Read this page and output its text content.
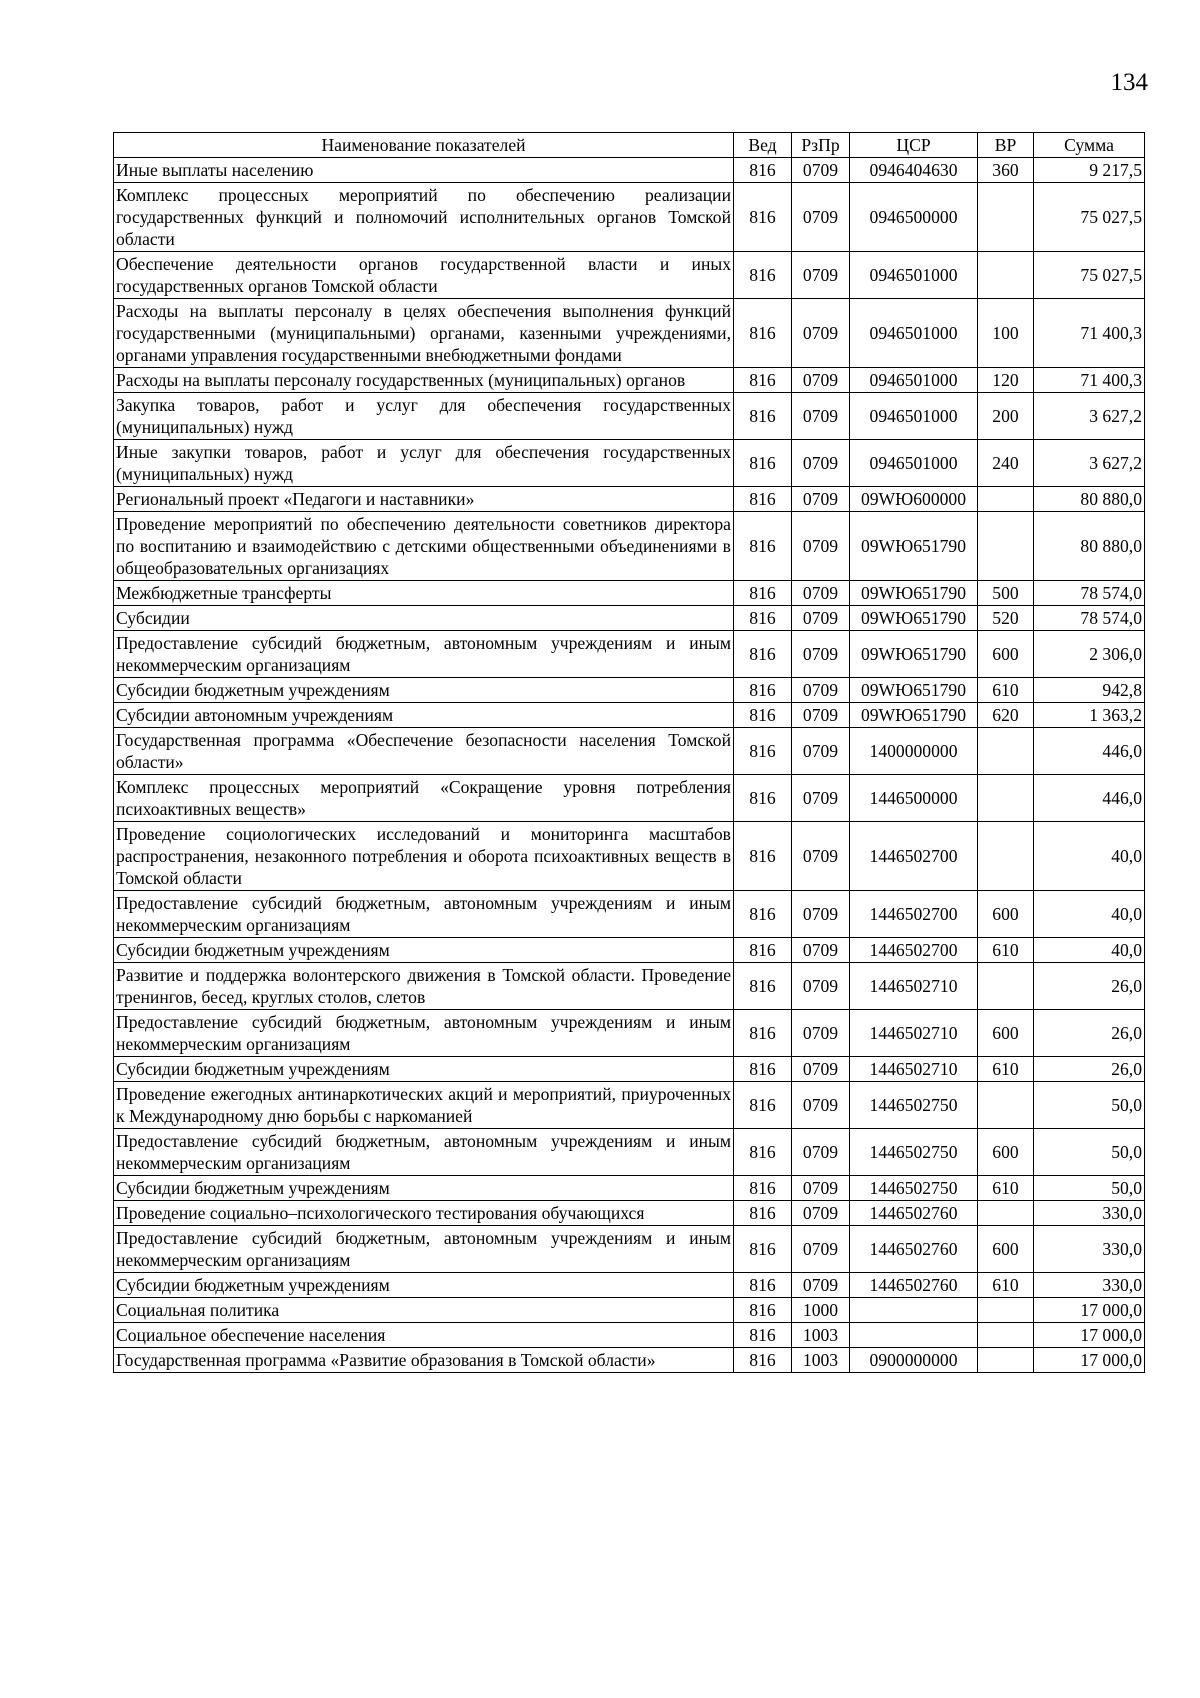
134
Наименование показателей	Вед	РзПр	ЦСР	ВР	Сумма
Иные выплаты населению	816	0709	0946404630	360	9 217,5
Комплекс процессных мероприятий по обеспечению реализации государственных функций и полномочий исполнительных органов Томской области	816	0709	0946500000		75 027,5
Обеспечение деятельности органов государственной власти и иных государственных органов Томской области	816	0709	0946501000		75 027,5
Расходы на выплаты персоналу в целях обеспечения выполнения функций государственными (муниципальными) органами, казенными учреждениями, органами управления государственными внебюджетными фондами	816	0709	0946501000	100	71 400,3
Расходы на выплаты персоналу государственных (муниципальных) органов	816	0709	0946501000	120	71 400,3
Закупка товаров, работ и услуг для обеспечения государственных (муниципальных) нужд	816	0709	0946501000	200	3 627,2
Иные закупки товаров, работ и услуг для обеспечения государственных (муниципальных) нужд	816	0709	0946501000	240	3 627,2
Региональный проект «Педагоги и наставники»	816	0709	09WЮ600000		80 880,0
Проведение мероприятий по обеспечению деятельности советников директора по воспитанию и взаимодействию с детскими общественными объединениями в общеобразовательных организациях	816	0709	09WЮ651790		80 880,0
Межбюджетные трансферты	816	0709	09WЮ651790	500	78 574,0
Субсидии	816	0709	09WЮ651790	520	78 574,0
Предоставление субсидий бюджетным, автономным учреждениям и иным некоммерческим организациям	816	0709	09WЮ651790	600	2 306,0
Субсидии бюджетным учреждениям	816	0709	09WЮ651790	610	942,8
Субсидии автономным учреждениям	816	0709	09WЮ651790	620	1 363,2
Государственная программа «Обеспечение безопасности населения Томской области»	816	0709	1400000000		446,0
Комплекс процессных мероприятий «Сокращение уровня потребления психоактивных веществ»	816	0709	1446500000		446,0
Проведение социологических исследований и мониторинга масштабов распространения, незаконного потребления и оборота психоактивных веществ в Томской области	816	0709	1446502700		40,0
Предоставление субсидий бюджетным, автономным учреждениям и иным некоммерческим организациям	816	0709	1446502700	600	40,0
Субсидии бюджетным учреждениям	816	0709	1446502700	610	40,0
Развитие и поддержка волонтерского движения в Томской области. Проведение тренингов, бесед, круглых столов, слетов	816	0709	1446502710		26,0
Предоставление субсидий бюджетным, автономным учреждениям и иным некоммерческим организациям	816	0709	1446502710	600	26,0
Субсидии бюджетным учреждениям	816	0709	1446502710	610	26,0
Проведение ежегодных антинаркотических акций и мероприятий, приуроченных к Международному дню борьбы с наркоманией	816	0709	1446502750		50,0
Предоставление субсидий бюджетным, автономным учреждениям и иным некоммерческим организациям	816	0709	1446502750	600	50,0
Субсидии бюджетным учреждениям	816	0709	1446502750	610	50,0
Проведение социально–психологического тестирования обучающихся	816	0709	1446502760		330,0
Предоставление субсидий бюджетным, автономным учреждениям и иным некоммерческим организациям	816	0709	1446502760	600	330,0
Субсидии бюджетным учреждениям	816	0709	1446502760	610	330,0
Социальная политика	816	1000			17 000,0
Социальное обеспечение населения	816	1003			17 000,0
Государственная программа «Развитие образования в Томской области»	816	1003	0900000000		17 000,0
